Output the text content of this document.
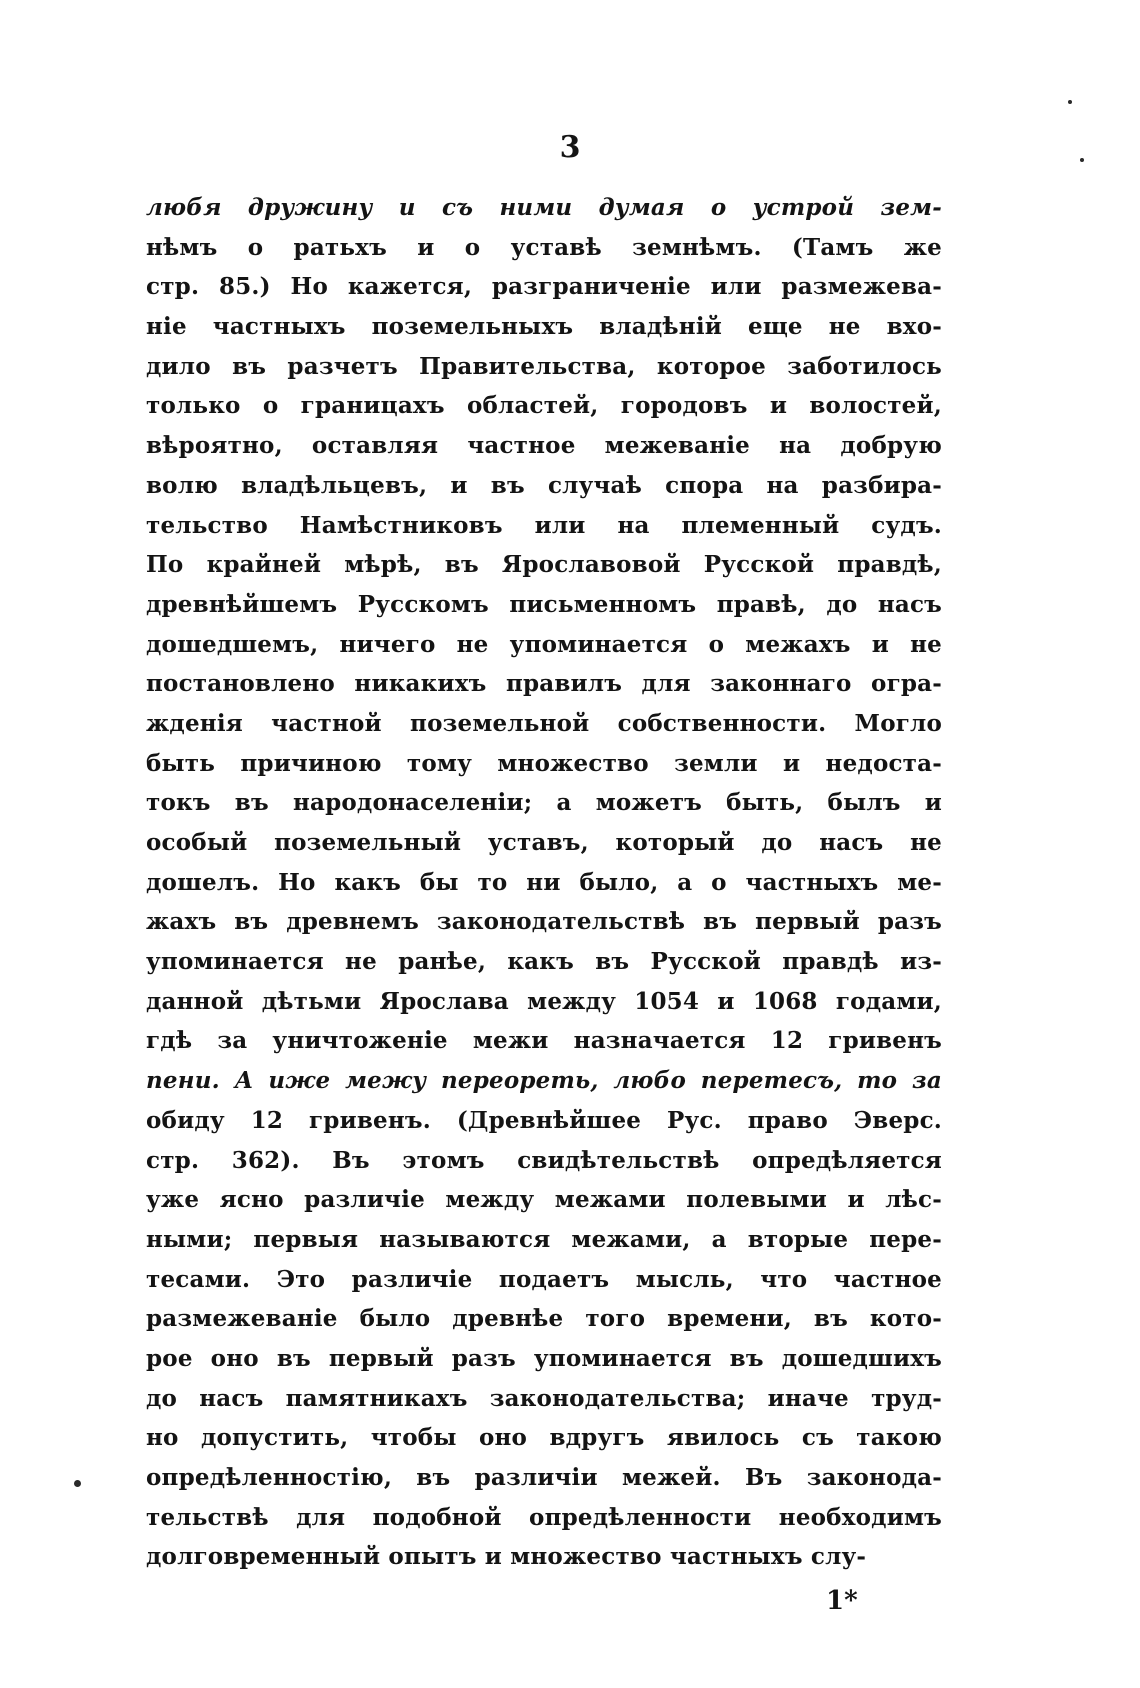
3
любя дружину и съ ними думая о устрой зем-
нѣмъ о ратьхъ и о уставѣ земнѣмъ. (Тамъ же
стр. 85.) Но кажется, разграниченіе или размежева-
ніе частныхъ поземельныхъ владѣній еще не вхо-
дило въ разчетъ Правительства, которое заботилось
только о границахъ областей, городовъ и волостей,
вѣроятно, оставляя частное межеваніе на добрую
волю владѣльцевъ, и въ случаѣ спора на разбира-
тельство Намѣстниковъ или на племенный судъ.
По крайней мѣрѣ, въ Ярославовой Русской правдѣ,
древнѣйшемъ Русскомъ письменномъ правѣ, до насъ
дошедшемъ, ничего не упоминается о межахъ и не
постановлено никакихъ правилъ для законнаго огра-
жденія частной поземельной собственности. Могло
быть причиною тому множество земли и недоста-
токъ въ народонаселеніи; а можетъ быть, былъ и
особый поземельный уставъ, который до насъ не
дошелъ. Но какъ бы то ни было, а о частныхъ ме-
жахъ въ древнемъ законодательствѣ въ первый разъ
упоминается не ранѣе, какъ въ Русской правдѣ из-
данной дѣтьми Ярослава между 1054 и 1068 годами,
гдѣ за уничтоженіе межи назначается 12 гривенъ
пени. А иже межу переореть, любо перетесъ, то за
обиду 12 гривенъ. (Древнѣйшее Рус. право Эверс.
стр. 362). Въ этомъ свидѣтельствѣ опредѣляется
уже ясно различіе между межами полевыми и лѣс-
ными; первыя называются межами, а вторые пере-
тесами. Это различіе подаетъ мысль, что частное
размежеваніе было древнѣе того времени, въ кото-
рое оно въ первый разъ упоминается въ дошедшихъ
до насъ памятникахъ законодательства; иначе труд-
но допустить, чтобы оно вдругъ явилось съ такою
опредѣленностію, въ различіи межей. Въ законода-
тельствѣ для подобной опредѣленности необходимъ
долговременный опытъ и множество частныхъ слу-
1*
